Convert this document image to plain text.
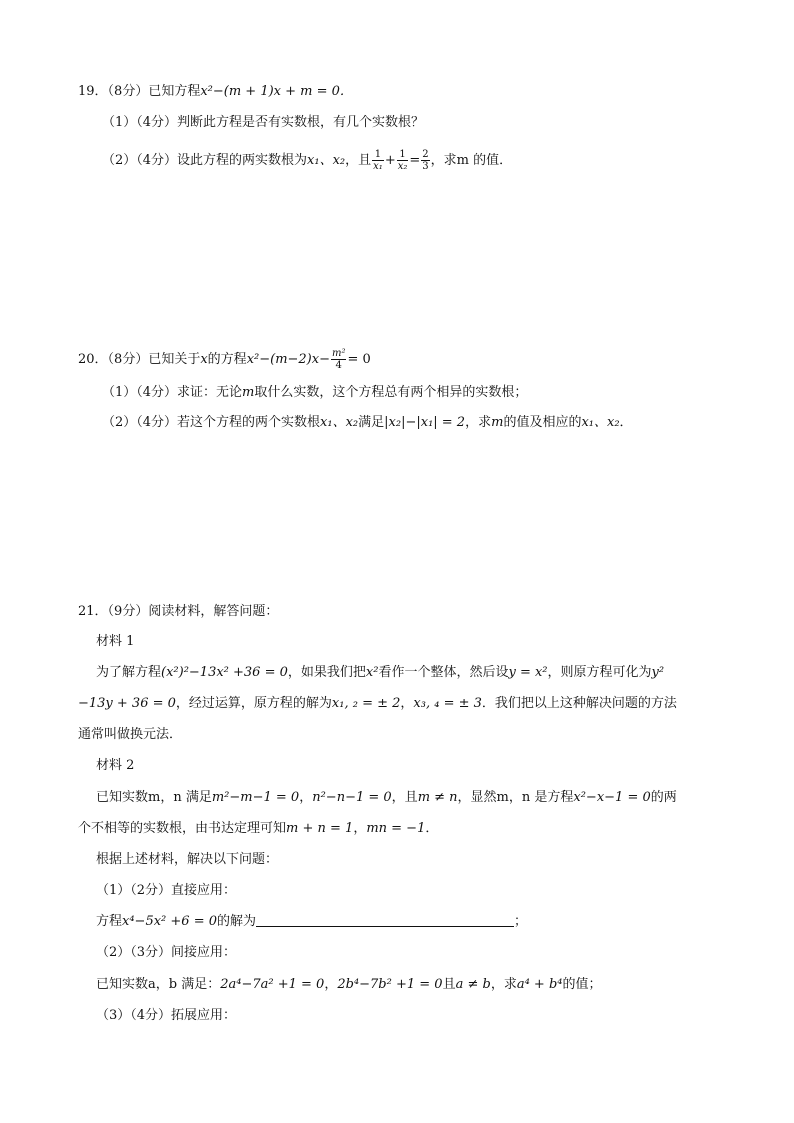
19．（8分）已知方程x²−(m + 1)x + m = 0．
（1）（4分）判断此方程是否有实数根，有几个实数根？
（2）（4分）设此方程的两实数根为x₁、x₂，且 $\frac{1}{\text{x₁}} + \frac{1}{\text{x₂}} = \frac{2}{3}$ ，求m 的值．
20．（8分）已知关于x的方程$x^2-(m-2)x- \frac{\text{m²}}{4} = 0$
（1）（4分）求证：无论m取什么实数，这个方程总有两个相异的实数根；
（2）（4分）若这个方程的两个实数根x₁、x₂满足|x₂|−|x₁| = 2，求m的值及相应的x₁、x₂．
21．（9分）阅读材料，解答问题：
材料 1
为了解方程(x²)²−13x² +36 = 0，如果我们把x²看作一个整体，然后设y = x²，则原方程可化为y²
−13y + 36 = 0，经过运算，原方程的解为x₁, ₂ = ± 2，x₃, ₄ = ± 3．我们把以上这种解决问题的方法
通常叫做换元法．
材料 2
已知实数m，n 满足m²−m−1 = 0，n²−n−1 = 0，且m ≠ n，显然m，n 是方程x²−x−1 = 0的两
个不相等的实数根，由书达定理可知m + n = 1，mn = −1．
根据上述材料，解决以下问题：
（1）（2分）直接应用：
方程x⁴−5x² +6 = 0的解为	；
（2）（3分）间接应用：
已知实数a，b 满足：2a⁴−7a² +1 = 0，2b⁴−7b² +1 = 0且a ≠ b，求a⁴ + b⁴的值；
（3）（4分）拓展应用：
